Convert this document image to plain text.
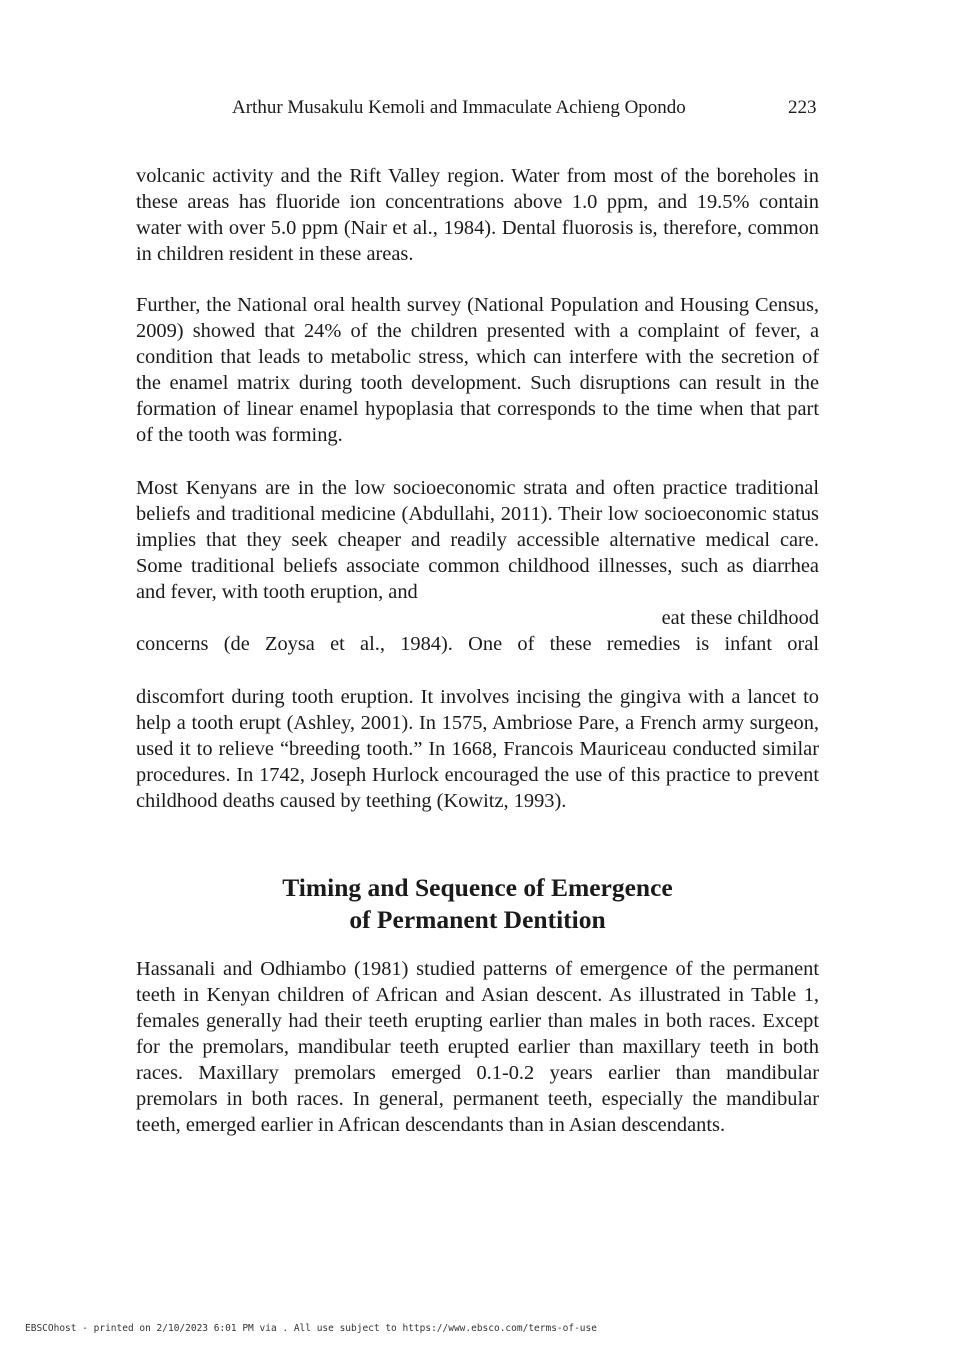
Arthur Musakulu Kemoli and Immaculate Achieng Opondo	223

volcanic activity and the Rift Valley region. Water from most of the boreholes in these areas has fluoride ion concentrations above 1.0 ppm, and 19.5% contain water with over 5.0 ppm (Nair et al., 1984). Dental fluorosis is, therefore, common in children resident in these areas.

Further, the National oral health survey (National Population and Housing Census, 2009) showed that 24% of the children presented with a complaint of fever, a condition that leads to metabolic stress, which can interfere with the secretion of the enamel matrix during tooth development. Such disruptions can result in the formation of linear enamel hypoplasia that corresponds to the time when that part of the tooth was forming.

Most Kenyans are in the low socioeconomic strata and often practice traditional beliefs and traditional medicine (Abdullahi, 2011). Their low socioeconomic status implies that they seek cheaper and readily accessible alternative medical care. Some traditional beliefs associate common childhood illnesses, such as diarrhea and fever, with tooth eruption, and
eat these childhood
concerns (de Zoysa et al., 1984). One of these remedies is infant oral

discomfort during tooth eruption. It involves incising the gingiva with a lancet to help a tooth erupt (Ashley, 2001). In 1575, Ambriose Pare, a French army surgeon, used it to relieve “breeding tooth.” In 1668, Francois Mauriceau conducted similar procedures. In 1742, Joseph Hurlock encouraged the use of this practice to prevent childhood deaths caused by teething (Kowitz, 1993).

Timing and Sequence of Emergence
of Permanent Dentition

Hassanali and Odhiambo (1981) studied patterns of emergence of the permanent teeth in Kenyan children of African and Asian descent. As illustrated in Table 1, females generally had their teeth erupting earlier than males in both races. Except for the premolars, mandibular teeth erupted earlier than maxillary teeth in both races. Maxillary premolars emerged 0.1-0.2 years earlier than mandibular premolars in both races. In general, permanent teeth, especially the mandibular teeth, emerged earlier in African descendants than in Asian descendants.

EBSCOhost - printed on 2/10/2023 6:01 PM via . All use subject to https://www.ebsco.com/terms-of-use
